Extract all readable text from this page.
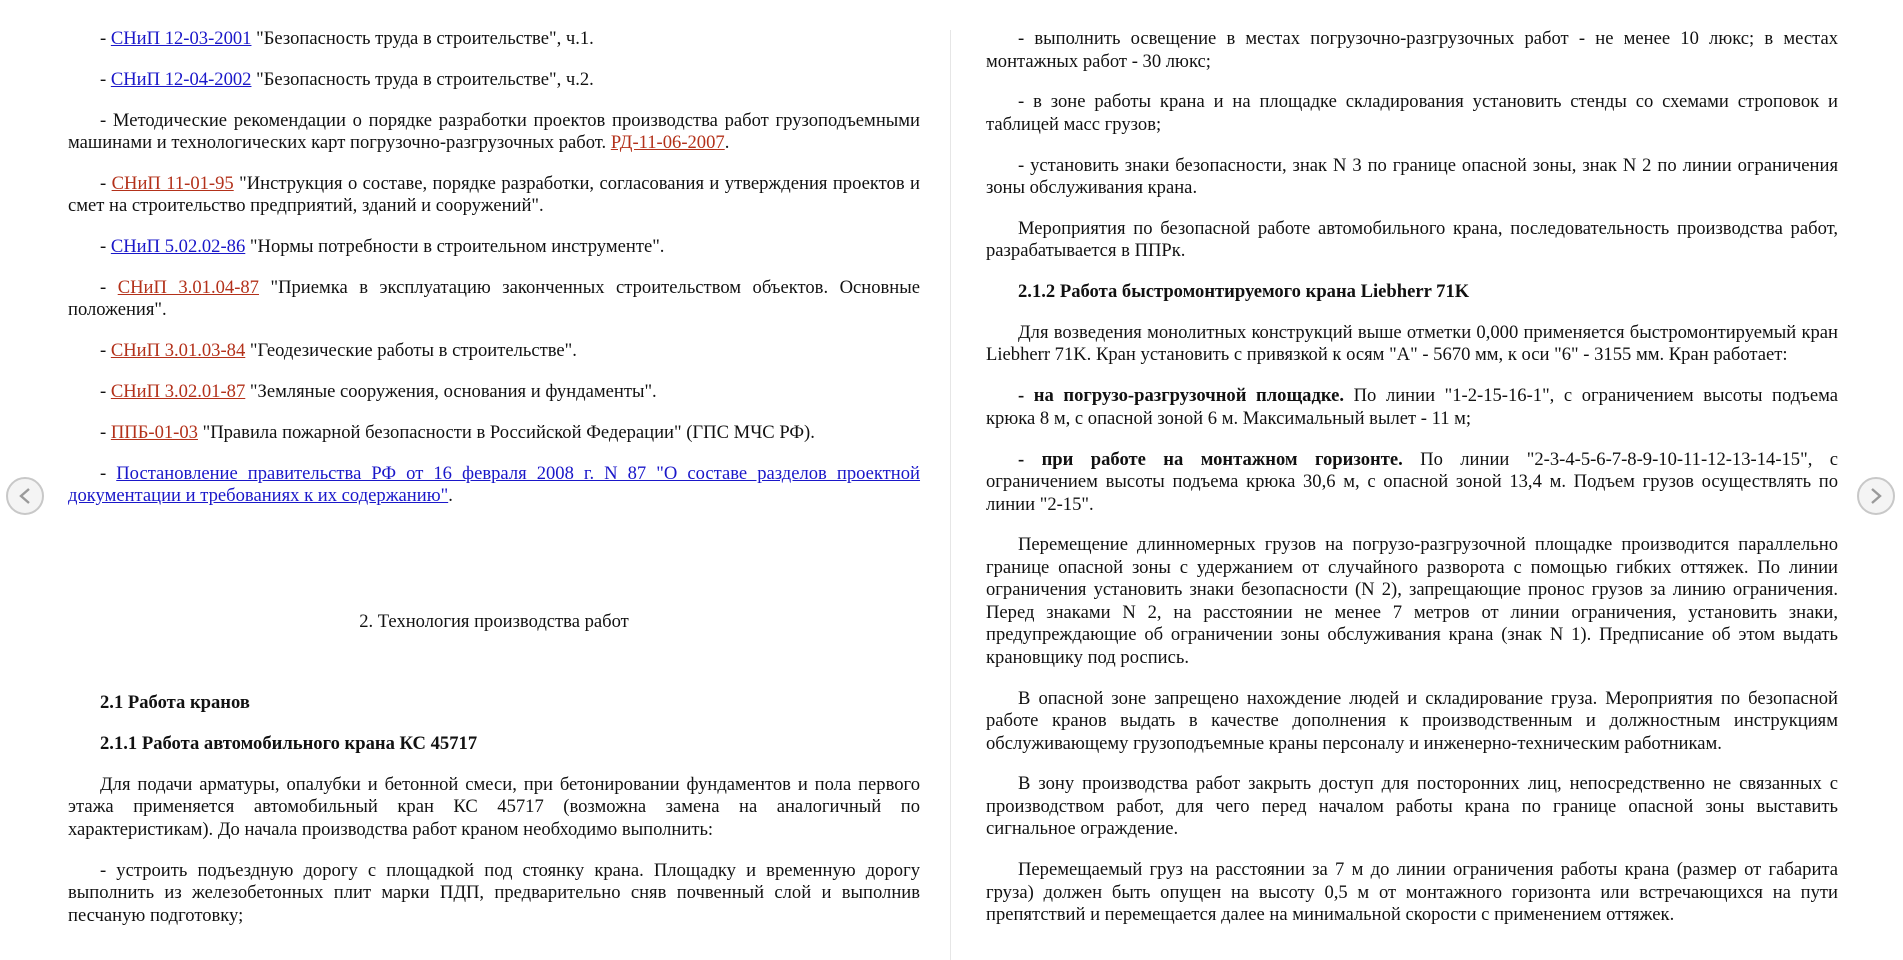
- СНиП 12-03-2001 "Безопасность труда в строительстве", ч.1.

- СНиП 12-04-2002 "Безопасность труда в строительстве", ч.2.

- Методические рекомендации о порядке разработки проектов производства работ грузоподъемными машинами и технологических карт погрузочно-разгрузочных работ. РД-11-06-2007.

- СНиП 11-01-95 "Инструкция о составе, порядке разработки, согласования и утверждения проектов и смет на строительство предприятий, зданий и сооружений".

- СНиП 5.02.02-86 "Нормы потребности в строительном инструменте".

- СНиП 3.01.04-87 "Приемка в эксплуатацию законченных строительством объектов. Основные положения".

- СНиП 3.01.03-84 "Геодезические работы в строительстве".

- СНиП 3.02.01-87 "Земляные сооружения, основания и фундаменты".

- ППБ-01-03 "Правила пожарной безопасности в Российской Федерации" (ГПС МЧС РФ).

- Постановление правительства РФ от 16 февраля 2008 г. N 87 "О составе разделов проектной документации и требованиях к их содержанию".

2. Технология производства работ

2.1 Работа кранов

2.1.1 Работа автомобильного крана КС 45717

Для подачи арматуры, опалубки и бетонной смеси, при бетонировании фундаментов и пола первого этажа применяется автомобильный кран КС 45717 (возможна замена на аналогичный по характеристикам). До начала производства работ краном необходимо выполнить:

- устроить подъездную дорогу с площадкой под стоянку крана. Площадку и временную дорогу выполнить из железобетонных плит марки ПДП, предварительно сняв почвенный слой и выполнив песчаную подготовку;

- выполнить освещение в местах погрузочно-разгрузочных работ - не менее 10 люкс; в местах монтажных работ - 30 люкс;

- в зоне работы крана и на площадке складирования установить стенды со схемами строповок и таблицей масс грузов;

- установить знаки безопасности, знак N 3 по границе опасной зоны, знак N 2 по линии ограничения зоны обслуживания крана.

Мероприятия по безопасной работе автомобильного крана, последовательность производства работ, разрабатывается в ППРк.

2.1.2 Работа быстромонтируемого крана Liebherr 71K

Для возведения монолитных конструкций выше отметки 0,000 применяется быстромонтируемый кран Liebherr 71K. Кран установить с привязкой к осям "А" - 5670 мм, к оси "6" - 3155 мм. Кран работает:

- на погрузо-разгрузочной площадке. По линии "1-2-15-16-1", с ограничением высоты подъема крюка 8 м, с опасной зоной 6 м. Максимальный вылет - 11 м;

- при работе на монтажном горизонте. По линии "2-3-4-5-6-7-8-9-10-11-12-13-14-15", с ограничением высоты подъема крюка 30,6 м, с опасной зоной 13,4 м. Подъем грузов осуществлять по линии "2-15".

Перемещение длинномерных грузов на погрузо-разгрузочной площадке производится параллельно границе опасной зоны с удержанием от случайного разворота с помощью гибких оттяжек. По линии ограничения установить знаки безопасности (N 2), запрещающие пронос грузов за линию ограничения. Перед знаками N 2, на расстоянии не менее 7 метров от линии ограничения, установить знаки, предупреждающие об ограничении зоны обслуживания крана (знак N 1). Предписание об этом выдать крановщику под роспись.

В опасной зоне запрещено нахождение людей и складирование груза. Мероприятия по безопасной работе кранов выдать в качестве дополнения к производственным и должностным инструкциям обслуживающему грузоподъемные краны персоналу и инженерно-техническим работникам.

В зону производства работ закрыть доступ для посторонних лиц, непосредственно не связанных с производством работ, для чего перед началом работы крана по границе опасной зоны выставить сигнальное ограждение.

Перемещаемый груз на расстоянии за 7 м до линии ограничения работы крана (размер от габарита груза) должен быть опущен на высоту 0,5 м от монтажного горизонта или встречающихся на пути препятствий и перемещается далее на минимальной скорости с применением оттяжек.
